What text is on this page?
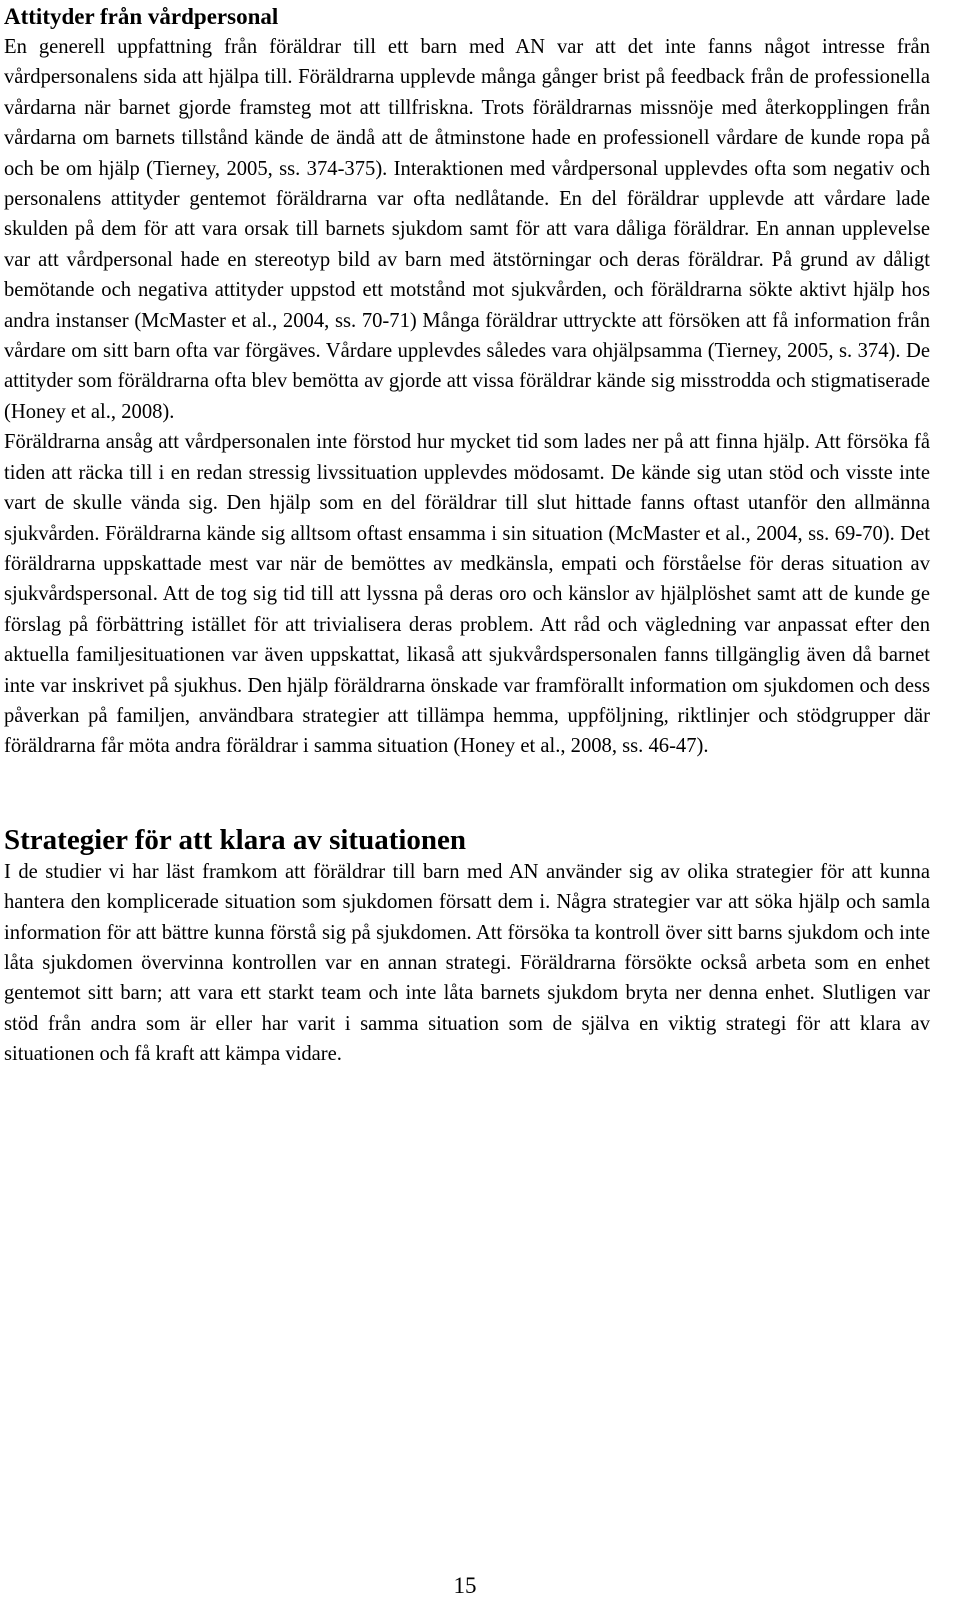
Attityder från vårdpersonal

En generell uppfattning från föräldrar till ett barn med AN var att det inte fanns något intresse från vårdpersonalens sida att hjälpa till. Föräldrarna upplevde många gånger brist på feedback från de professionella vårdarna när barnet gjorde framsteg mot att tillfriskna. Trots föräldrarnas missnöje med återkopplingen från vårdarna om barnets tillstånd kände de ändå att de åtminstone hade en professionell vårdare de kunde ropa på och be om hjälp (Tierney, 2005, ss. 374-375). Interaktionen med vårdpersonal upplevdes ofta som negativ och personalens attityder gentemot föräldrarna var ofta nedlåtande. En del föräldrar upplevde att vårdare lade skulden på dem för att vara orsak till barnets sjukdom samt för att vara dåliga föräldrar. En annan upplevelse var att vårdpersonal hade en stereotyp bild av barn med ätstörningar och deras föräldrar. På grund av dåligt bemötande och negativa attityder uppstod ett motstånd mot sjukvården, och föräldrarna sökte aktivt hjälp hos andra instanser (McMaster et al., 2004, ss. 70-71) Många föräldrar uttryckte att försöken att få information från vårdare om sitt barn ofta var förgäves. Vårdare upplevdes således vara ohjälpsamma (Tierney, 2005, s. 374). De attityder som föräldrarna ofta blev bemötta av gjorde att vissa föräldrar kände sig misstrodda och stigmatiserade (Honey et al., 2008).

Föräldrarna ansåg att vårdpersonalen inte förstod hur mycket tid som lades ner på att finna hjälp. Att försöka få tiden att räcka till i en redan stressig livssituation upplevdes mödosamt. De kände sig utan stöd och visste inte vart de skulle vända sig. Den hjälp som en del föräldrar till slut hittade fanns oftast utanför den allmänna sjukvården. Föräldrarna kände sig alltsom oftast ensamma i sin situation (McMaster et al., 2004, ss. 69-70). Det föräldrarna uppskattade mest var när de bemöttes av medkänsla, empati och förståelse för deras situation av sjukvårdspersonal. Att de tog sig tid till att lyssna på deras oro och känslor av hjälplöshet samt att de kunde ge förslag på förbättring istället för att trivialisera deras problem. Att råd och vägledning var anpassat efter den aktuella familjesituationen var även uppskattat, likaså att sjukvårdspersonalen fanns tillgänglig även då barnet inte var inskrivet på sjukhus. Den hjälp föräldrarna önskade var framförallt information om sjukdomen och dess påverkan på familjen, användbara strategier att tillämpa hemma, uppföljning, riktlinjer och stödgrupper där föräldrarna får möta andra föräldrar i samma situation (Honey et al., 2008, ss. 46-47).

Strategier för att klara av situationen

I de studier vi har läst framkom att föräldrar till barn med AN använder sig av olika strategier för att kunna hantera den komplicerade situation som sjukdomen försatt dem i. Några strategier var att söka hjälp och samla information för att bättre kunna förstå sig på sjukdomen. Att försöka ta kontroll över sitt barns sjukdom och inte låta sjukdomen övervinna kontrollen var en annan strategi. Föräldrarna försökte också arbeta som en enhet gentemot sitt barn; att vara ett starkt team och inte låta barnets sjukdom bryta ner denna enhet. Slutligen var stöd från andra som är eller har varit i samma situation som de själva en viktig strategi för att klara av situationen och få kraft att kämpa vidare.

15
